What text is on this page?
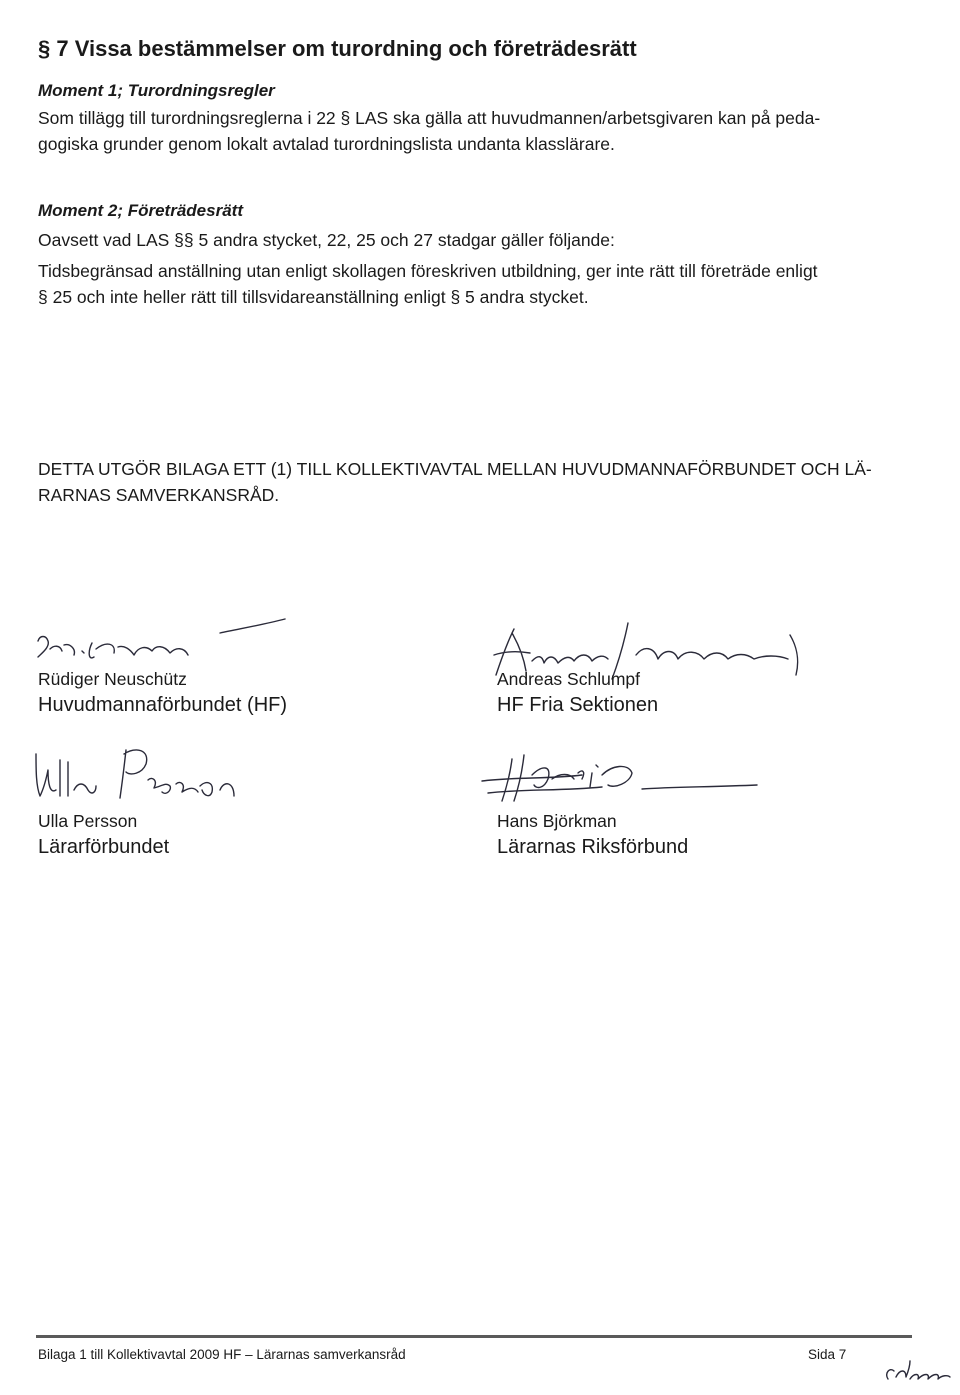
§ 7 Vissa bestämmelser om turordning och företrädesrätt
Moment 1; Turordningsregler
Som tillägg till turordningsreglerna i 22 § LAS ska gälla att huvudmannen/arbetsgivaren kan på peda-
gogiska grunder genom lokalt avtalad turordningslista undanta klasslärare.
Moment 2; Företrädesrätt
Oavsett vad LAS §§ 5 andra stycket, 22, 25 och 27 stadgar gäller följande:
Tidsbegränsad anställning utan enligt skollagen föreskriven utbildning, ger inte rätt till företräde enligt
§ 25 och inte heller rätt till tillsvidareanställning enligt § 5 andra stycket.
DETTA UTGÖR BILAGA ETT (1) TILL KOLLEKTIVAVTAL MELLAN HUVUDMANNAFÖRBUNDET OCH LÄ-
RARNAS SAMVERKANSRÅD.
Rüdiger Neuschütz
Huvudmannaförbundet (HF)
Andreas Schlumpf
HF Fria Sektionen
Ulla Persson
Lärarförbundet
Hans Björkman
Lärarnas Riksförbund
Bilaga 1 till Kollektivavtal 2009 HF – Lärarnas samverkansråd	Sida 7
